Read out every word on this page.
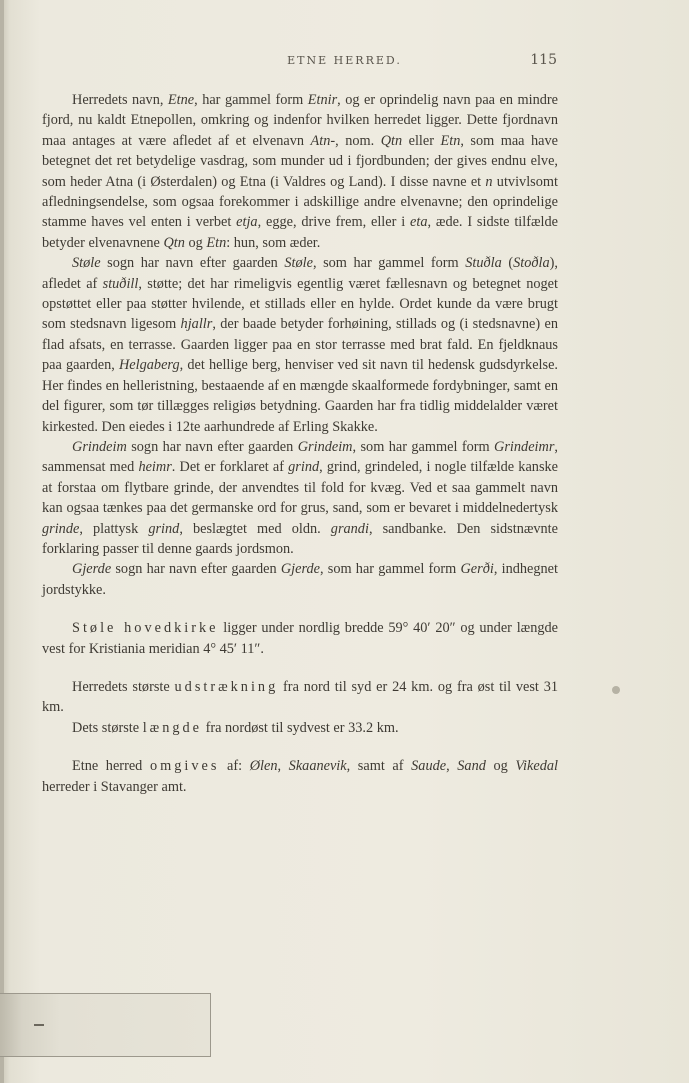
ETNE HERRED.	115

Herredets navn, Etne, har gammel form Etnir, og er oprindelig navn paa en mindre fjord, nu kaldt Etnepollen, omkring og indenfor hvilken herredet ligger. Dette fjordnavn maa antages at være afledet af et elvenavn Atn-, nom. Qtn eller Etn, som maa have betegnet det ret betydelige vasdrag, som munder ud i fjordbunden; der gives endnu elve, som heder Atna (i Østerdalen) og Etna (i Valdres og Land). I disse navne et n utvivlsomt afledningsendelse, som ogsaa forekommer i adskillige andre elvenavne; den oprindelige stamme haves vel enten i verbet etja, egge, drive frem, eller i eta, æde. I sidste tilfælde betyder elvenavnene Qtn og Etn: hun, som æder.

Støle sogn har navn efter gaarden Støle, som har gammel form Stuðla (Stoðla), afledet af stuðill, støtte; det har rimeligvis egentlig været fællesnavn og betegnet noget opstøttet eller paa støtter hvilende, et stillads eller en hylde. Ordet kunde da være brugt som stedsnavn ligesom hjallr, der baade betyder forhøining, stillads og (i stedsnavne) en flad afsats, en terrasse. Gaarden ligger paa en stor terrasse med brat fald. En fjeldknaus paa gaarden, Helgaberg, det hellige berg, henviser ved sit navn til hedensk gudsdyrkelse. Her findes en helleristning, bestaaende af en mængde skaalformede fordybninger, samt en del figurer, som tør tillægges religiøs betydning. Gaarden har fra tidlig middelalder været kirkested. Den eiedes i 12te aarhundrede af Erling Skakke.

Grindeim sogn har navn efter gaarden Grindeim, som har gammel form Grindeimr, sammensat med heimr. Det er forklaret af grind, grind, grindeled, i nogle tilfælde kanske at forstaa om flytbare grinde, der anvendtes til fold for kvæg. Ved et saa gammelt navn kan ogsaa tænkes paa det germanske ord for grus, sand, som er bevaret i middelnedertysk grinde, plattysk grind, beslægtet med oldn. grandi, sandbanke. Den sidstnævnte forklaring passer til denne gaards jordsmon.

Gjerde sogn har navn efter gaarden Gjerde, som har gammel form Gerði, indhegnet jordstykke.

Støle hovedkirke ligger under nordlig bredde 59° 40′ 20″ og under længde vest for Kristiania meridian 4° 45′ 11″.

Herredets største udstrækning fra nord til syd er 24 km. og fra øst til vest 31 km.

Dets største længde fra nordøst til sydvest er 33.2 km.

Etne herred omgives af: Ølen, Skaanevik, samt af Saude, Sand og Vikedal herreder i Stavanger amt.
